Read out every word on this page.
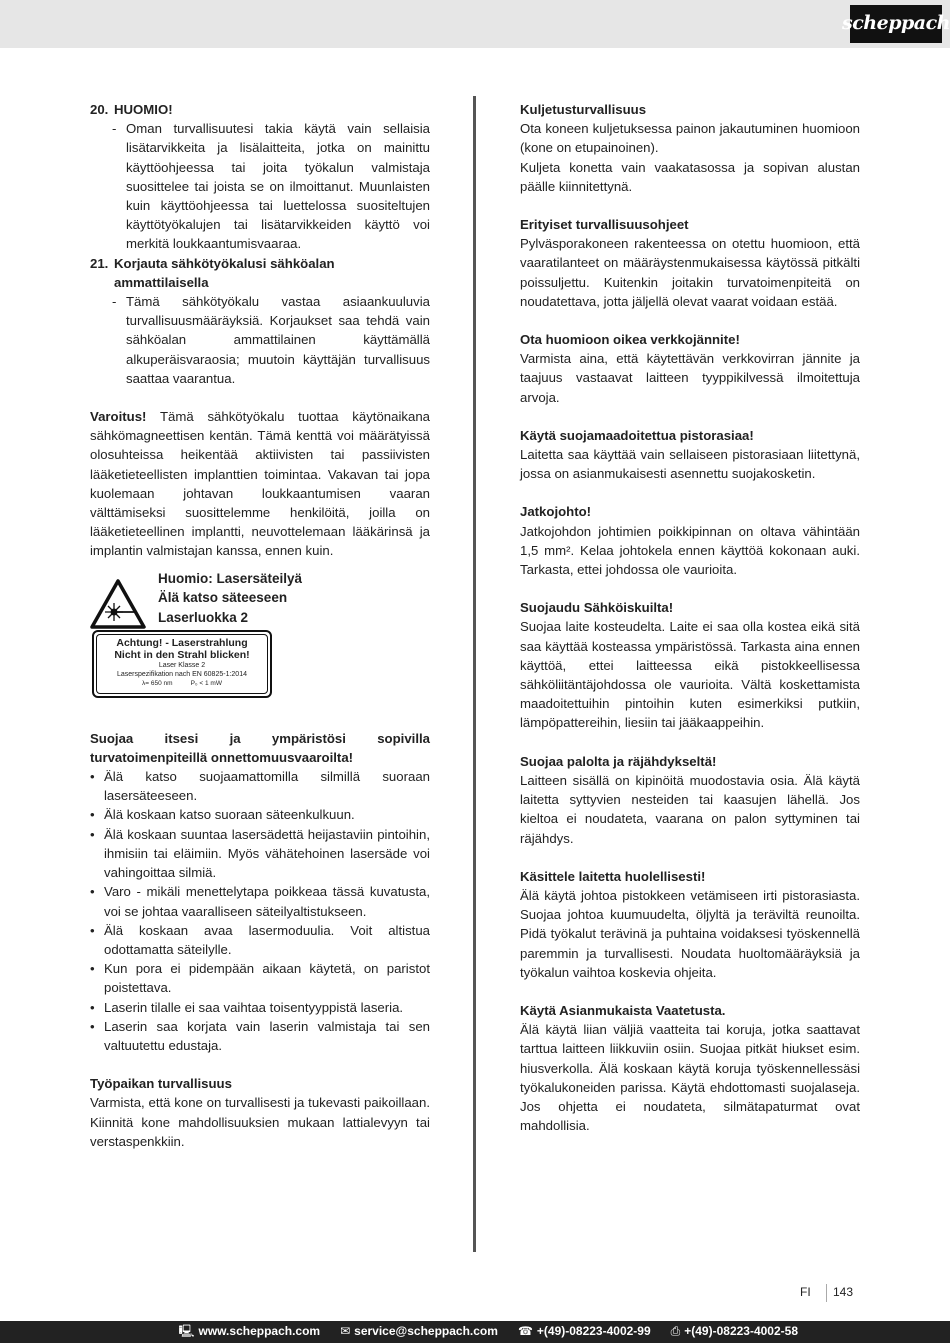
scheppach
20. HUOMIO!
- Oman turvallisuutesi takia käytä vain sellaisia lisätarvikkeita ja lisälaitteita, jotka on mainittu käyttöohjeessa tai joita työkalun valmistaja suosittelee tai joista se on ilmoittanut. Muunlaisten kuin käyttöohjeessa tai luettelossa suositeltujen käyttötyökalujen tai lisätarvikkeiden käyttö voi merkitä loukkaantumisvaaraa.
21. Korjauta sähkötyökalusi sähköalan ammattilaisella
- Tämä sähkötyökalu vastaa asiaankuuluvia turvallisuusmääräyksiä. Korjaukset saa tehdä vain sähköalan ammattilainen käyttämällä alkuperäisvaraosia; muutoin käyttäjän turvallisuus saattaa vaarantua.

Varoitus! Tämä sähkötyökalu tuottaa käytönaikana sähkömagneettisen kentän. Tämä kenttä voi määrätyissä olosuhteissa heikentää aktiivisten tai passiivisten lääketieteellisten implanttien toimintaa. Vakavan tai jopa kuolemaan johtavan loukkaantumisen vaaran välttämiseksi suosittelemme henkilöitä, joilla on lääketieteellinen implantti, neuvottelemaan lääkärinsä ja implantin valmistajan kanssa, ennen kuin.

Huomio: Lasersäteilyä
Älä katso säteeseen
Laserluokka 2
Achtung! - Laserstrahlung
Nicht in den Strahl blicken!
Laser Klasse 2
Laserspezifikation nach EN 60825-1:2014
λ= 650 nm	P₀ < 1 mW

Suojaa itsesi ja ympäristösi sopivilla turvatoimenpiteillä onnettomuusvaaroilta!

• Älä katso suojaamattomilla silmillä suoraan lasersäteeseen.
• Älä koskaan katso suoraan säteenkulkuun.
• Älä koskaan suuntaa lasersädettä heijastaviin pintoihin, ihmisiin tai eläimiin. Myös vähätehoinen lasersäde voi vahingoittaa silmiä.
• Varo - mikäli menettelytapa poikkeaa tässä kuvatusta, voi se johtaa vaaralliseen säteilyaltistukseen.
• Älä koskaan avaa lasermoduulia. Voit altistua odottamatta säteilylle.
• Kun pora ei pidempään aikaan käytetä, on paristot poistettava.
• Laserin tilalle ei saa vaihtaa toisentyyppistä laseria.
• Laserin saa korjata vain laserin valmistaja tai sen valtuutettu edustaja.

Työpaikan turvallisuus

Varmista, että kone on turvallisesti ja tukevasti paikoillaan. Kiinnitä kone mahdollisuuksien mukaan lattialevyyn tai verstaspenkkiin.

Kuljetusturvallisuus

Ota koneen kuljetuksessa painon jakautuminen huomioon (kone on etupainoinen).

Kuljeta konetta vain vaakatasossa ja sopivan alustan päälle kiinnitettynä.

Erityiset turvallisuusohjeet

Pylväsporakoneen rakenteessa on otettu huomioon, että vaaratilanteet on määräystenmukaisessa käytössä pitkälti poissuljettu. Kuitenkin joitakin turvatoimenpiteitä on noudatettava, jotta jäljellä olevat vaarat voidaan estää.

Ota huomioon oikea verkkojännite!

Varmista aina, että käytettävän verkkovirran jännite ja taajuus vastaavat laitteen tyyppikilvessä ilmoitettuja arvoja.

Käytä suojamaadoitettua pistorasiaa!

Laitetta saa käyttää vain sellaiseen pistorasiaan liitettynä, jossa on asianmukaisesti asennettu suojakosketin.

Jatkojohto!

Jatkojohdon johtimien poikkipinnan on oltava vähintään 1,5 mm². Kelaa johtokela ennen käyttöä kokonaan auki. Tarkasta, ettei johdossa ole vaurioita.

Suojaudu Sähköiskuilta!

Suojaa laite kosteudelta. Laite ei saa olla kostea eikä sitä saa käyttää kosteassa ympäristössä. Tarkasta aina ennen käyttöä, ettei laitteessa eikä pistokkeellisessa sähköliitäntäjohdossa ole vaurioita. Vältä koskettamista maadoitettuihin pintoihin kuten esimerkiksi putkiin, lämpöpattereihin, liesiin tai jääkaappeihin.

Suojaa palolta ja räjähdykseltä!

Laitteen sisällä on kipinöitä muodostavia osia. Älä käytä laitetta syttyvien nesteiden tai kaasujen lähellä. Jos kieltoa ei noudateta, vaarana on palon syttyminen tai räjähdys.

Käsittele laitetta huolellisesti!

Älä käytä johtoa pistokkeen vetämiseen irti pistorasiasta. Suojaa johtoa kuumuudelta, öljyltä ja teräviltä reunoilta. Pidä työkalut terävinä ja puhtaina voidaksesi työskennellä paremmin ja turvallisesti. Noudata huoltomääräyksiä ja työkalun vaihtoa koskevia ohjeita.

Käytä Asianmukaista Vaatetusta.

Älä käytä liian väljiä vaatteita tai koruja, jotka saattavat tarttua laitteen liikkuviin osiin. Suojaa pitkät hiukset esim. hiusverkolla. Älä koskaan käytä koruja työskennellessäsi työkalukoneiden parissa. Käytä ehdottomasti suojalaseja. Jos ohjetta ei noudateta, silmätapaturmat ovat mahdollisia.

FI	143
🖳 www.scheppach.com ✉ service@scheppach.com ☎ +(49)-08223-4002-99 ⎙ +(49)-08223-4002-58
